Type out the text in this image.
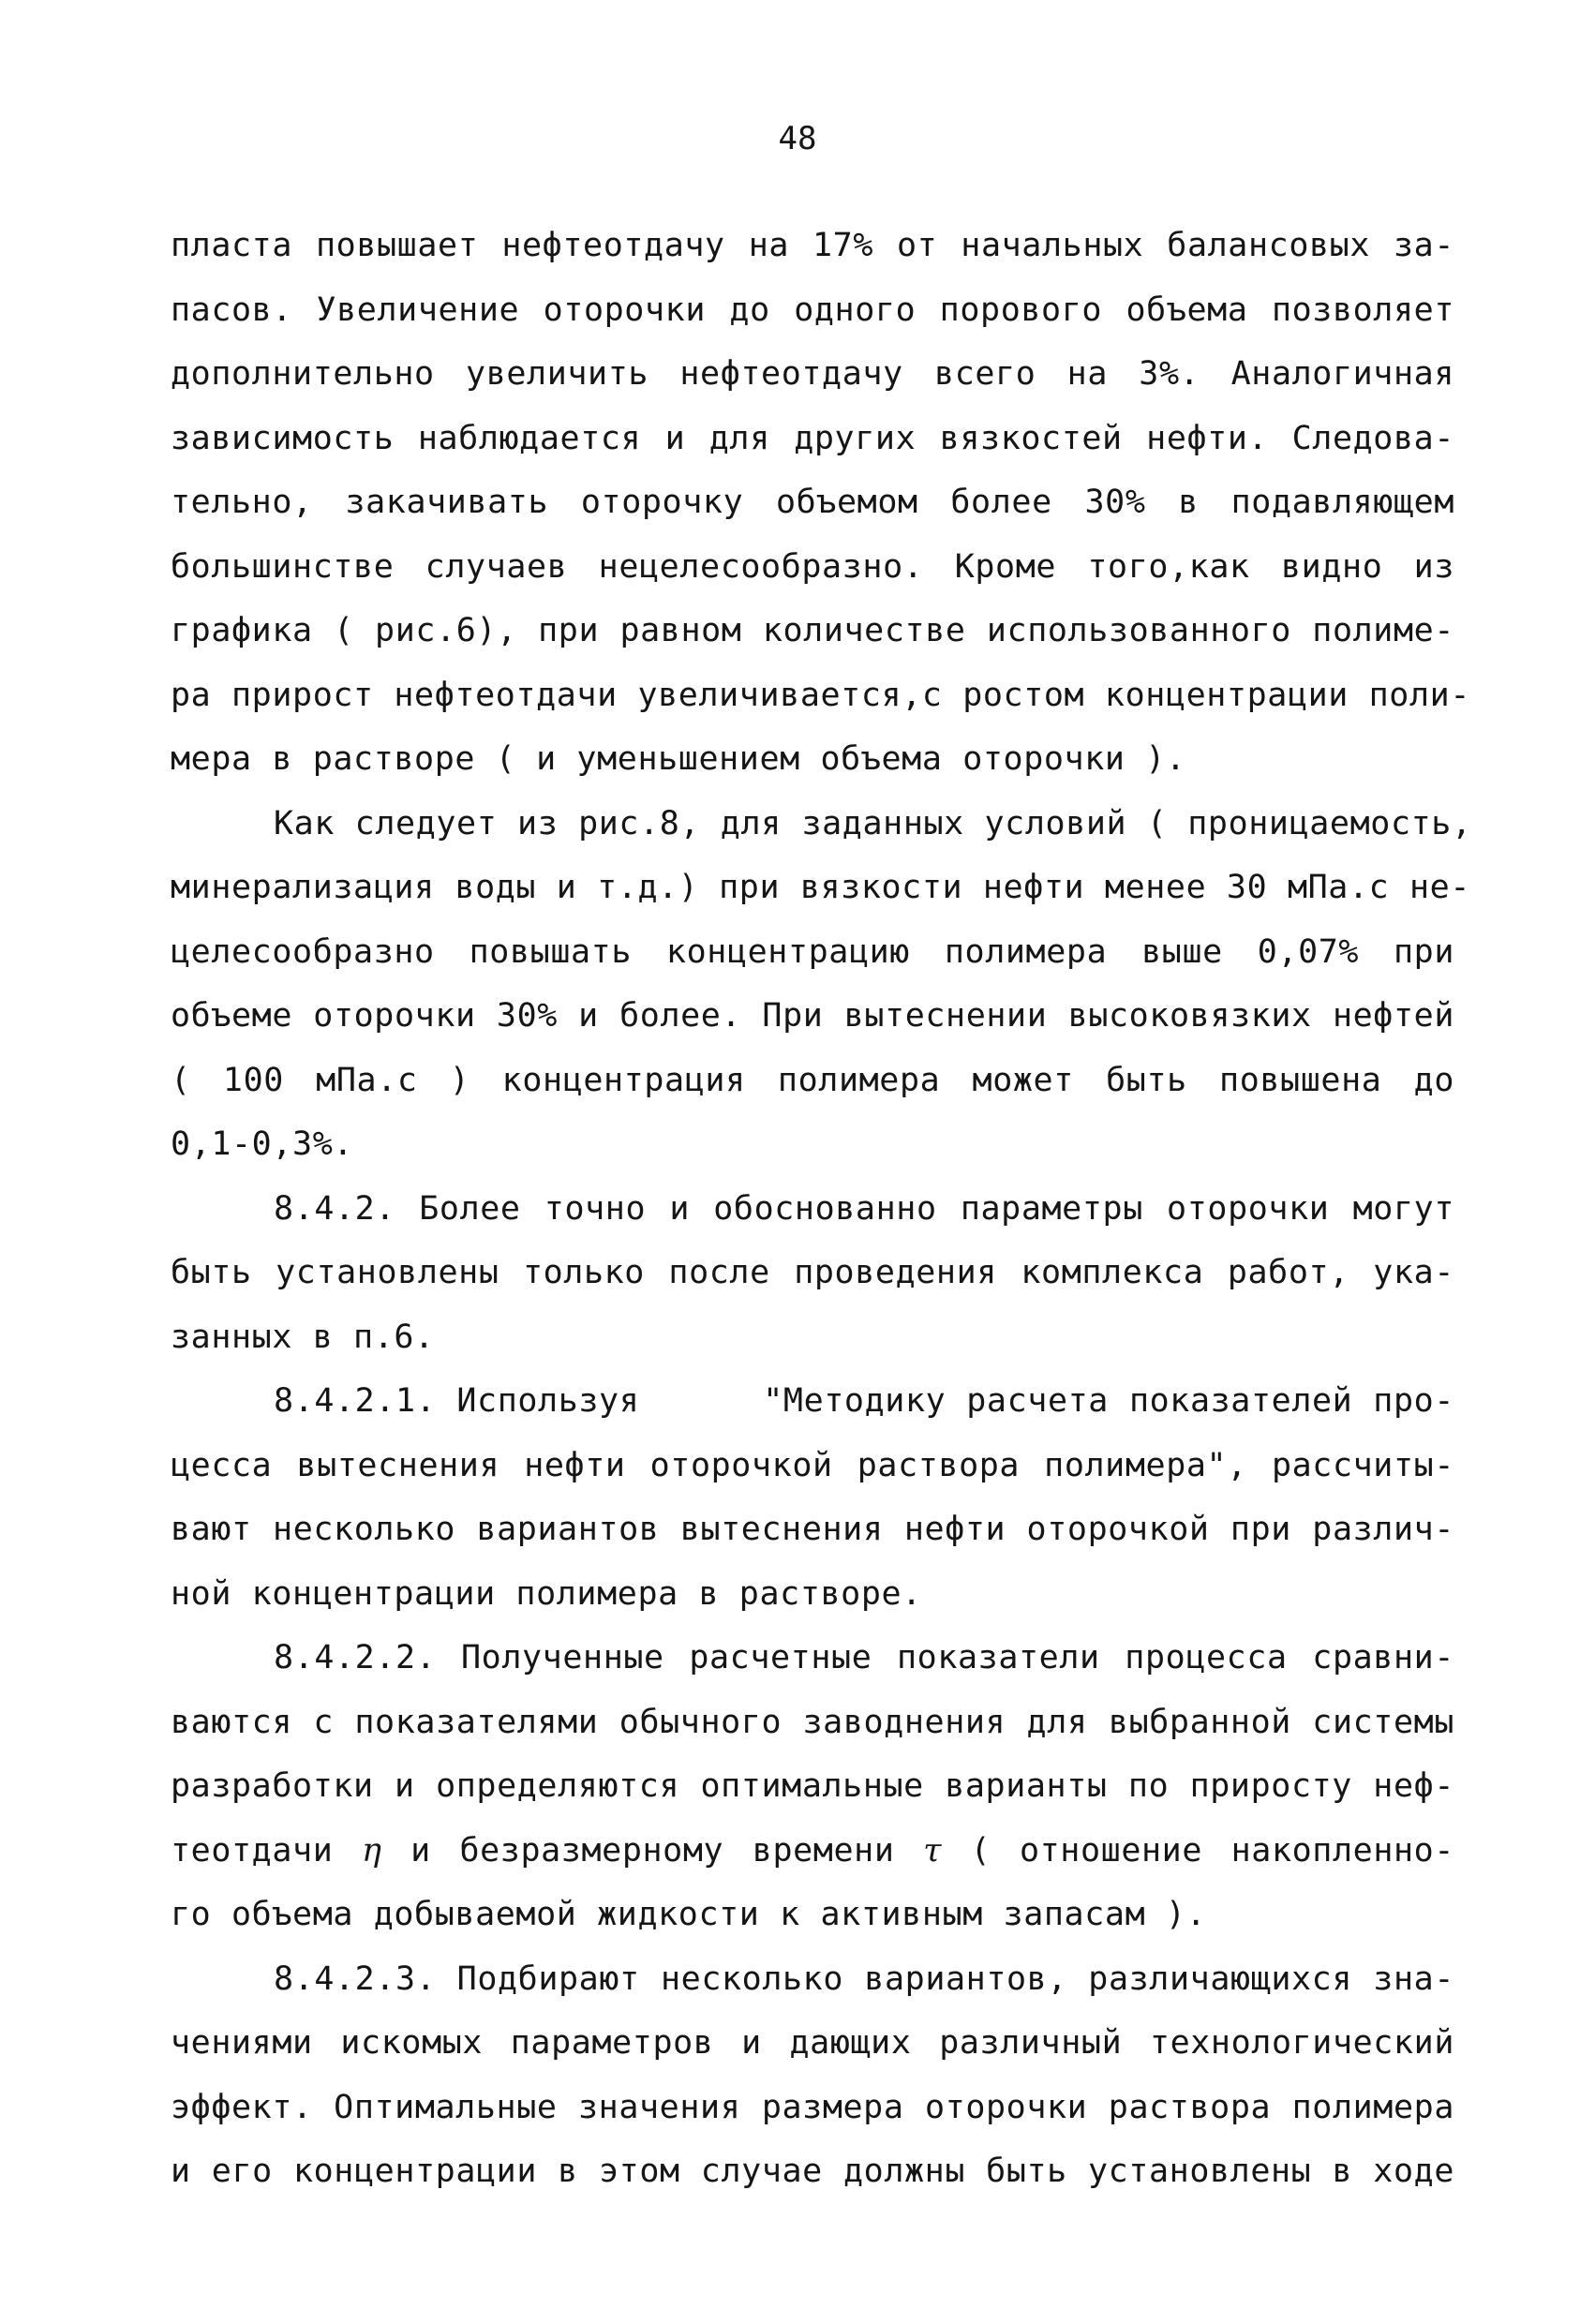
48
пласта повышает нефтеотдачу на 17% от начальных балансовых за-
пасов. Увеличение оторочки до одного порового объема позволяет
дополнительно увеличить нефтеотдачу всего на 3%. Аналогичная
зависимость наблюдается и для других вязкостей нефти. Следова-
тельно, закачивать оторочку объемом более 30% в подавляющем
большинстве случаев нецелесообразно. Кроме того,как видно из
графика ( рис.6), при равном количестве использованного полиме-
ра прирост нефтеотдачи увеличивается,с ростом концентрации поли-
мера в растворе ( и уменьшением объема оторочки ).
Как следует из рис.8, для заданных условий ( проницаемость,
минерализация воды и т.д.) при вязкости нефти менее 30 мПа.с не-
целесообразно повышать концентрацию полимера выше 0,07% при
объеме оторочки 30% и более. При вытеснении высоковязких нефтей
( 100 мПа.с ) концентрация полимера может быть повышена до
0,1-0,3%.
8.4.2. Более точно и обоснованно параметры оторочки могут
быть установлены только после проведения комплекса работ, ука-
занных в п.6.
8.4.2.1. Используя      "Методику расчета показателей про-
цесса вытеснения нефти оторочкой раствора полимера", рассчиты-
вают несколько вариантов вытеснения нефти оторочкой при различ-
ной концентрации полимера в растворе.
8.4.2.2. Полученные расчетные показатели процесса сравни-
ваются с показателями обычного заводнения для выбранной системы
разработки и определяются оптимальные варианты по приросту неф-
теотдачи η и безразмерному времени τ ( отношение накопленно-
го объема добываемой жидкости к активным запасам ).
8.4.2.3. Подбирают несколько вариантов, различающихся зна-
чениями искомых параметров и дающих различный технологический
эффект. Оптимальные значения размера оторочки раствора полимера
и его концентрации в этом случае должны быть установлены в ходе
